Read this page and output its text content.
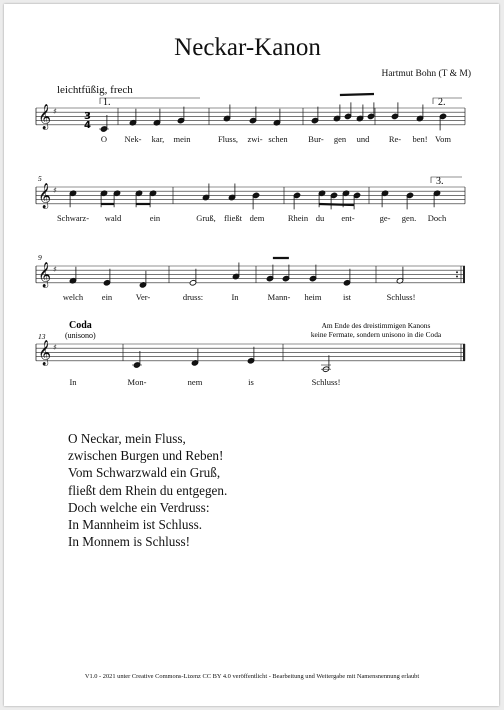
Neckar-Kanon
Hartmut Bohn (T & M)
leichtfüßig, frech
5
9
13
1.	2.
3.
3
4
Coda
(unisono)
Am Ende des dreistimmigen Kanons
keine Fermate, sondern unisono in die Coda
O Nek- kar, mein	Fluss, zwi- schen Bur- gen und Re- ben! Vom
Schwarz- wald	ein	Gruß, fließt dem	Rhein du ent-	ge- gen. Doch
welch ein	Ver-	druss:	In	Mann- heim	ist	Schluss!
In	Mon-	nem	is	Schluss!
𝄞 ♯
𝄞 ♯
𝄞 ♯
𝄞 ♯
O Neckar, mein Fluss,
zwischen Burgen und Reben!
Vom Schwarzwald ein Gruß,
fließt dem Rhein du entgegen.
Doch welche ein Verdruss:
In Mannheim ist Schluss.
In Monnem is Schluss!
V1.0 - 2021 unter Creative Commons-Lizenz CC BY 4.0 veröffentlicht - Bearbeitung und Weitergabe mit Namensnennung erlaubt
